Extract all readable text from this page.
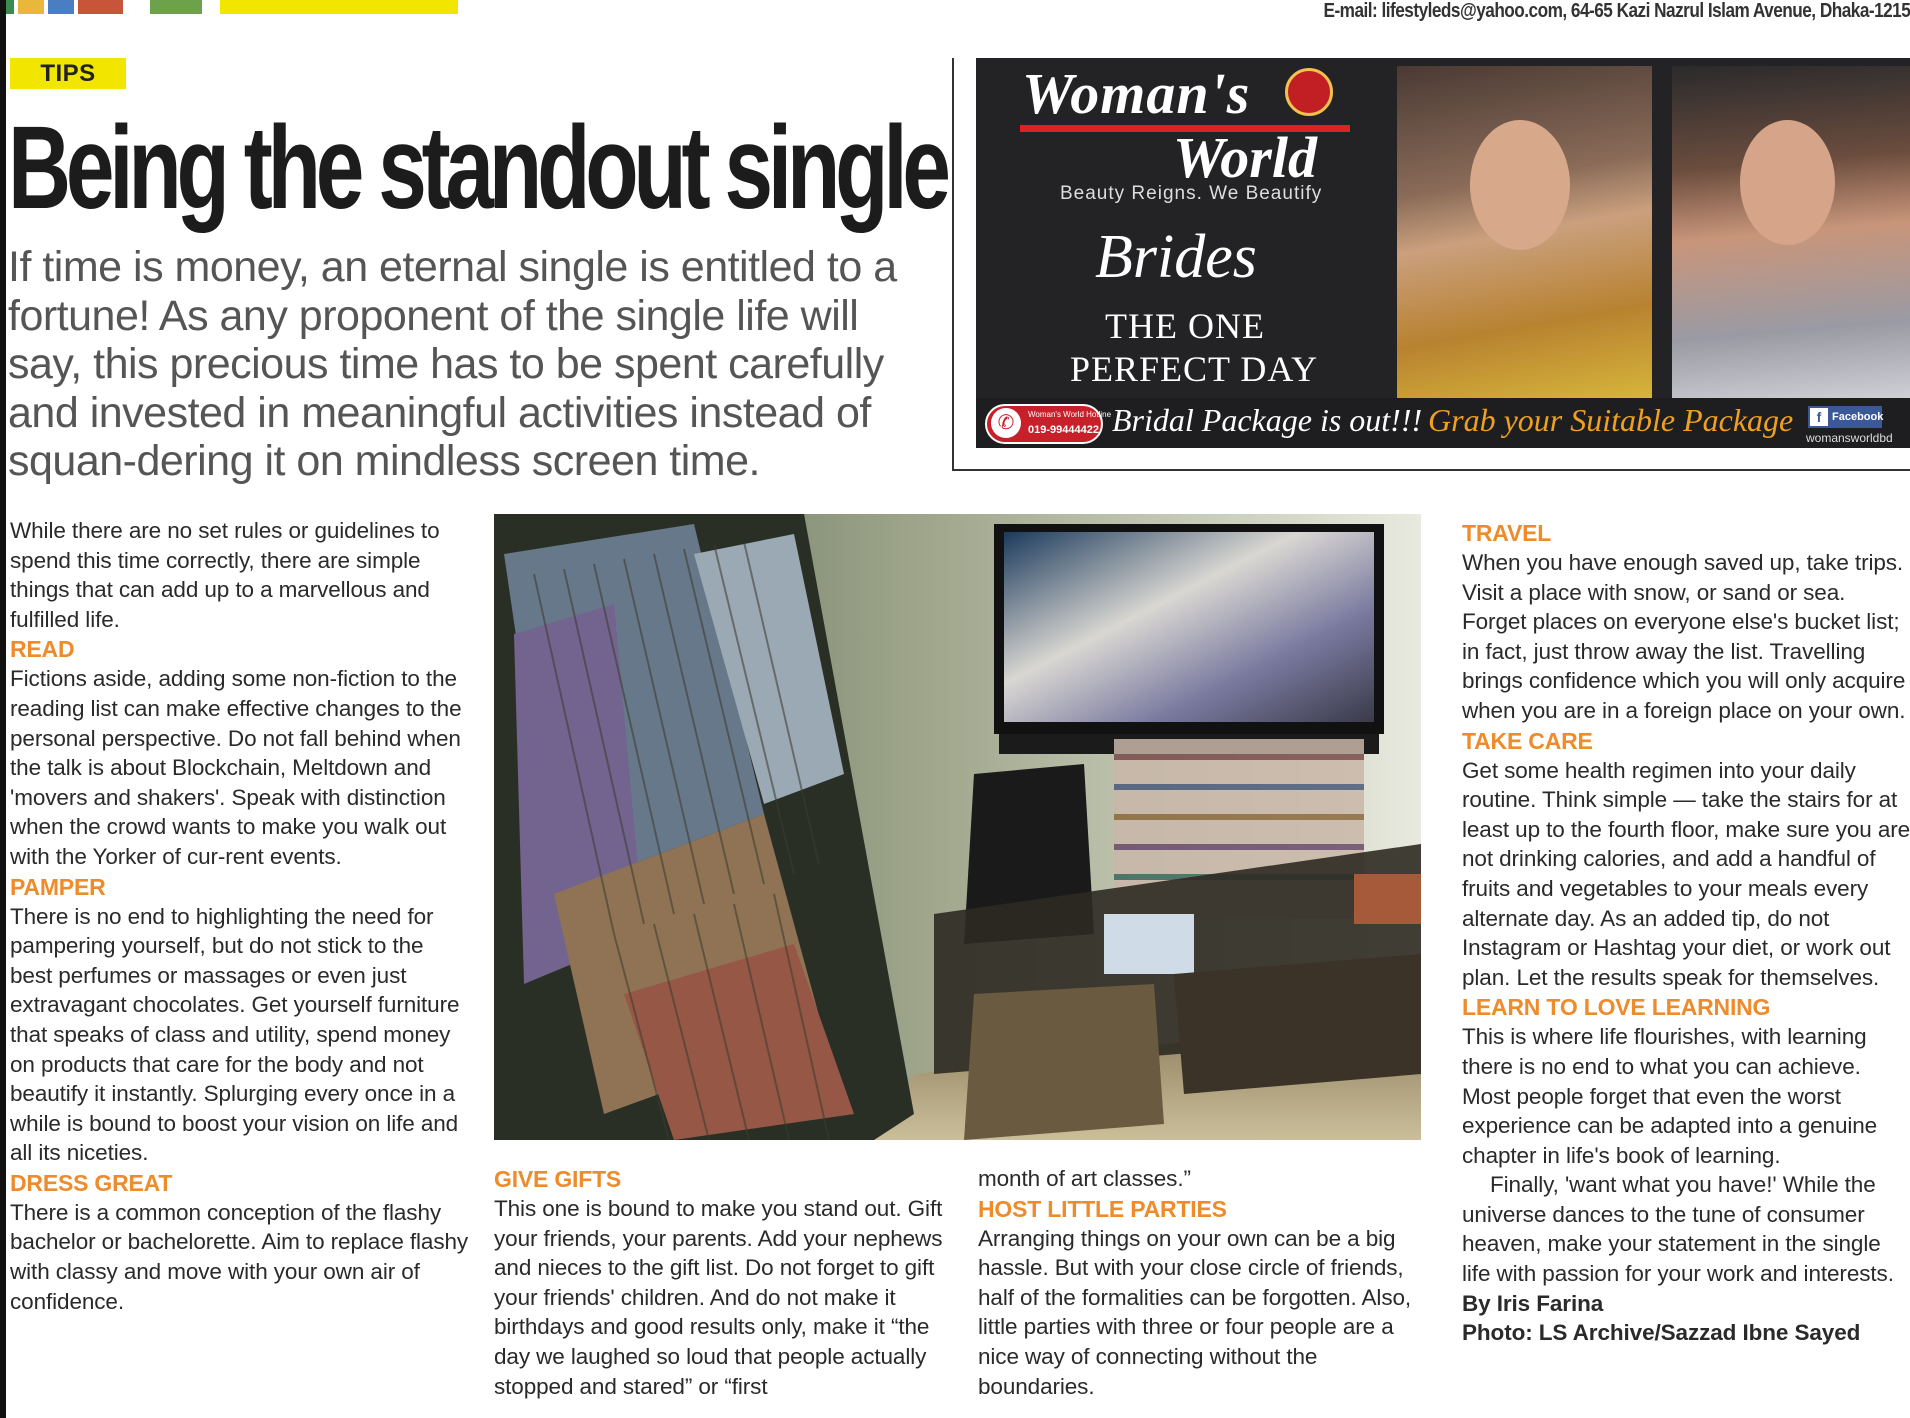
E-mail: lifestyleds@yahoo.com, 64-65 Kazi Nazrul Islam Avenue, Dhaka-1215
TIPS
Being the standout single
If time is money, an eternal single is entitled to a fortune! As any proponent of the single life will say, this precious time has to be spent carefully and invested in meaningful activities instead of squan-dering it on mindless screen time.
Woman's
World
Beauty Reigns. We Beautify
Brides
THE ONE
PERFECT DAY
✆	Woman's World Hotline
019-99444422 Bridal Package is out!!! Grab your Suitable Package	Facebook
f
womansworldbd

While there are no set rules or guidelines to spend this time correctly, there are simple things that can add up to a marvellous and fulfilled life.

READ

Fictions aside, adding some non-fiction to the reading list can make effective changes to the personal perspective. Do not fall behind when the talk is about Blockchain, Meltdown and 'movers and shakers'. Speak with distinction when the crowd wants to make you walk out with the Yorker of cur-rent events.

PAMPER

There is no end to highlighting the need for pampering yourself, but do not stick to the best perfumes or massages or even just extravagant chocolates. Get yourself furniture that speaks of class and utility, spend money on products that care for the body and not beautify it instantly. Splurging every once in a while is bound to boost your vision on life and all its niceties.

DRESS GREAT

There is a common conception of the flashy bachelor or bachelorette. Aim to replace flashy with classy and move with your own air of confidence.

GIVE GIFTS

This one is bound to make you stand out. Gift your friends, your parents. Add your nephews and nieces to the gift list. Do not forget to gift your friends' children. And do not make it birthdays and good results only, make it “the day we laughed so loud that people actually stopped and stared” or “first

month of art classes.”

HOST LITTLE PARTIES

Arranging things on your own can be a big hassle. But with your close circle of friends, half of the formalities can be forgotten. Also, little parties with three or four people are a nice way of connecting without the boundaries.

TRAVEL

When you have enough saved up, take trips. Visit a place with snow, or sand or sea. Forget places on everyone else's bucket list; in fact, just throw away the list. Travelling brings confidence which you will only acquire when you are in a foreign place on your own.

TAKE CARE

Get some health regimen into your daily routine. Think simple — take the stairs for at least up to the fourth floor, make sure you are not drinking calories, and add a handful of fruits and vegetables to your meals every alternate day. As an added tip, do not Instagram or Hashtag your diet, or work out plan. Let the results speak for themselves.

LEARN TO LOVE LEARNING

This is where life flourishes, with learning there is no end to what you can achieve. Most people forget that even the worst experience can be adapted into a genuine chapter in life's book of learning.

Finally, 'want what you have!' While the universe dances to the tune of consumer heaven, make your statement in the single life with passion for your work and interests.

By Iris Farina

Photo: LS Archive/Sazzad Ibne Sayed
